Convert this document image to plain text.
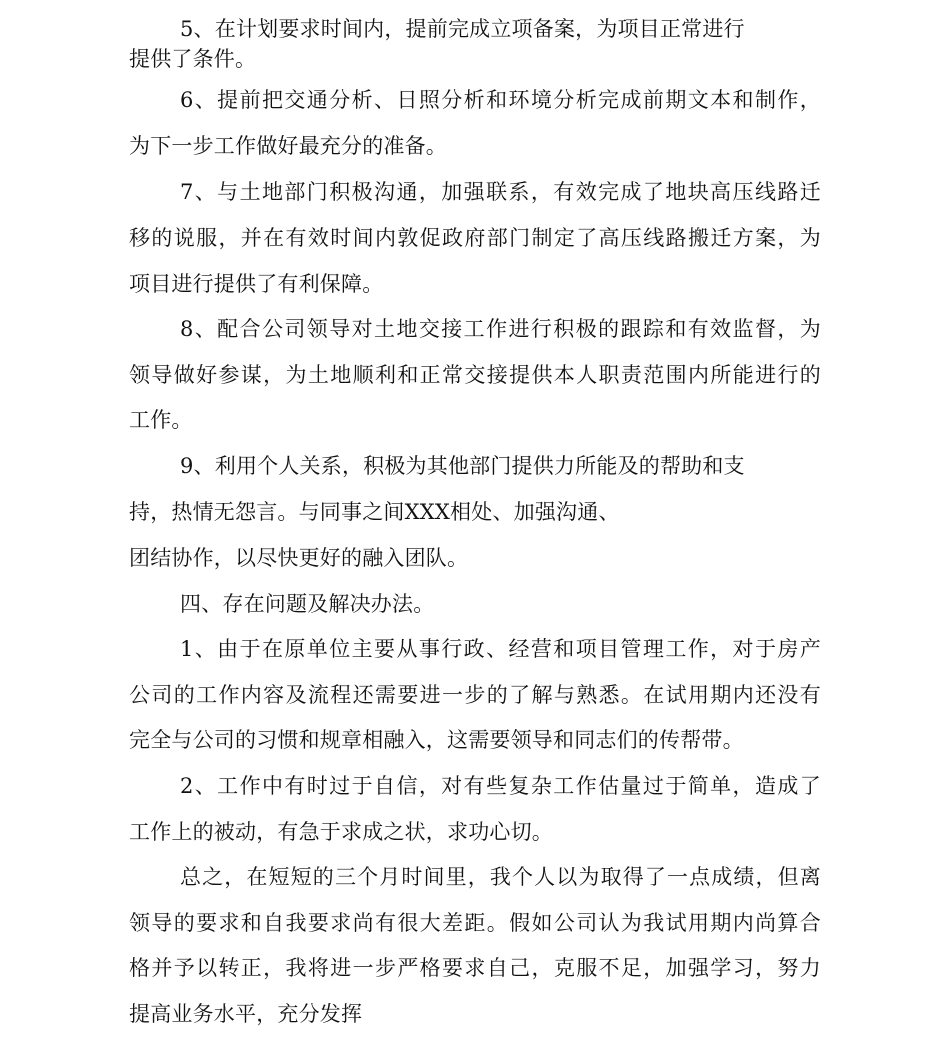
5、在计划要求时间内，提前完成立项备案，为项目正常进行
提供了条件。
6、提前把交通分析、日照分析和环境分析完成前期文本和制作，
为下一步工作做好最充分的准备。
7、与土地部门积极沟通，加强联系，有效完成了地块高压线路迁
移的说服，并在有效时间内敦促政府部门制定了高压线路搬迁方案，为
项目进行提供了有利保障。
8、配合公司领导对土地交接工作进行积极的跟踪和有效监督，为
领导做好参谋，为土地顺利和正常交接提供本人职责范围内所能进行的
工作。
9、利用个人关系，积极为其他部门提供力所能及的帮助和支
持，热情无怨言。与同事之间XXX相处、加强沟通、
团结协作，以尽快更好的融入团队。
四、存在问题及解决办法。
1、由于在原单位主要从事行政、经营和项目管理工作，对于房产
公司的工作内容及流程还需要进一步的了解与熟悉。在试用期内还没有
完全与公司的习惯和规章相融入，这需要领导和同志们的传帮带。
2、工作中有时过于自信，对有些复杂工作估量过于简单，造成了
工作上的被动，有急于求成之状，求功心切。
总之，在短短的三个月时间里，我个人以为取得了一点成绩，但离
领导的要求和自我要求尚有很大差距。假如公司认为我试用期内尚算合
格并予以转正，我将进一步严格要求自己，克服不足，加强学习，努力
提高业务水平，充分发挥
